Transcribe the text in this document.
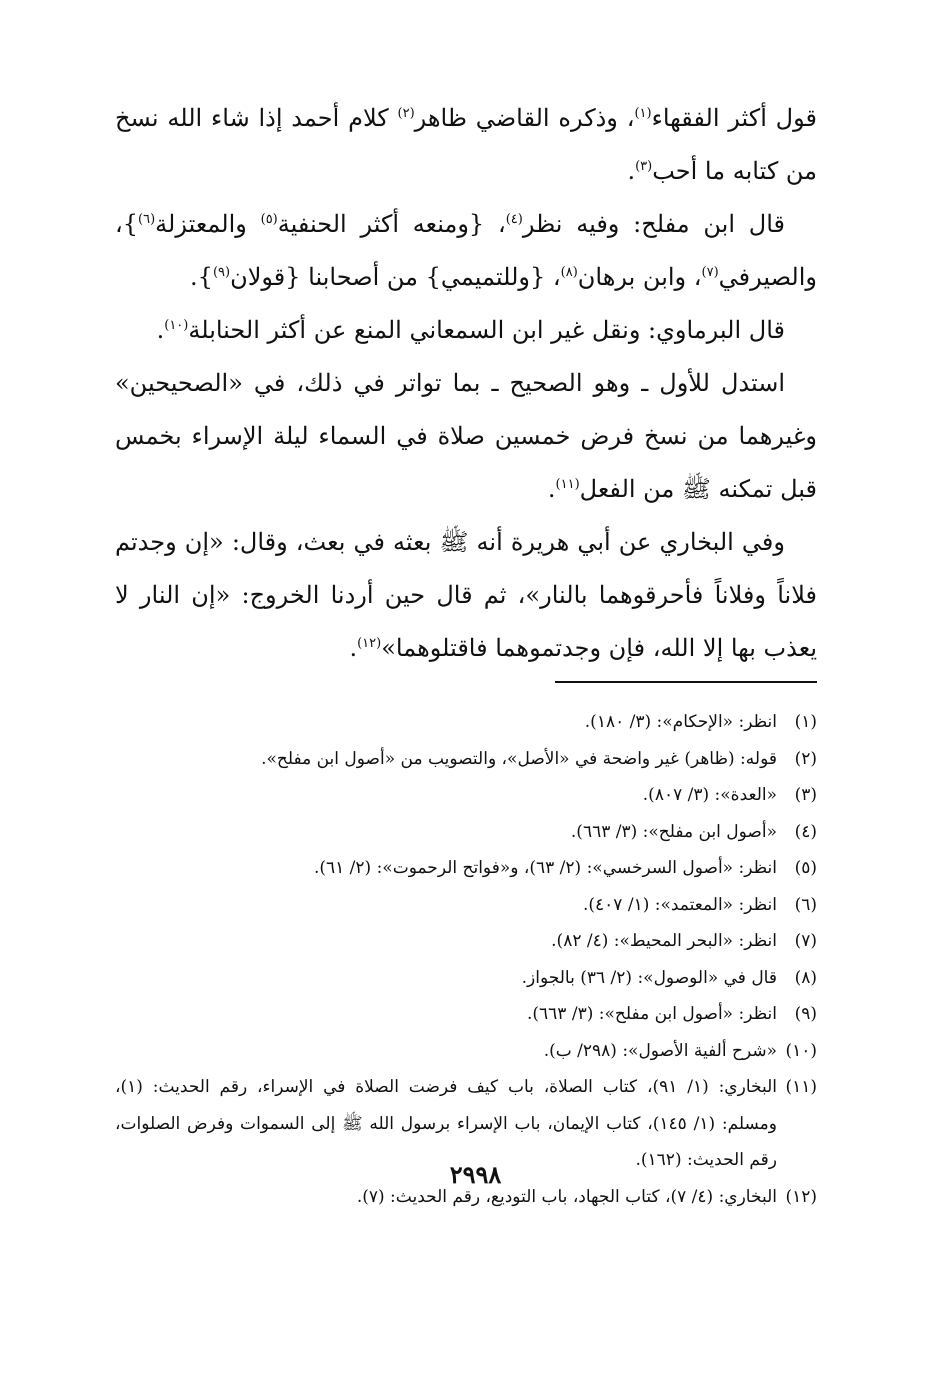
قول أكثر الفقهاء$^{(١)}$، وذكره القاضي ظاهر$^{(٢)}$ كلام أحمد إذا شاء الله نسخ من كتابه ما أحب$^{(٣)}$.

قال ابن مفلح: وفيه نظر$^{(٤)}$، {ومنعه أكثر الحنفية$^{(٥)}$ والمعتزلة$^{(٦)}$}، والصيرفي$^{(٧)}$، وابن برهان$^{(٨)}$، {وللتميمي} من أصحابنا {قولان$^{(٩)}$}.

قال البرماوي: ونقل غير ابن السمعاني المنع عن أكثر الحنابلة$^{(١٠)}$.

استدل للأول ـ وهو الصحيح ـ بما تواتر في ذلك، في «الصحيحين» وغيرهما من نسخ فرض خمسين صلاة في السماء ليلة الإسراء بخمس قبل تمكنه ﷺ من الفعل$^{(١١)}$.

وفي البخاري عن أبي هريرة أنه ﷺ بعثه في بعث، وقال: «إن وجدتم فلاناً وفلاناً فأحرقوهما بالنار»، ثم قال حين أردنا الخروج: «إن النار لا يعذب بها إلا الله، فإن وجدتموهما فاقتلوهما»$^{(١٢)}$.

(١)
انظر: «الإحكام»: (٣/ ١٨٠).
(٢)
قوله: (ظاهر) غير واضحة في «الأصل»، والتصويب من «أصول ابن مفلح».
(٣)
«العدة»: (٣/ ٨٠٧).
(٤)
«أصول ابن مفلح»: (٣/ ٦٦٣).
(٥)
انظر: «أصول السرخسي»: (٢/ ٦٣)، و«فواتح الرحموت»: (٢/ ٦١).
(٦)
انظر: «المعتمد»: (١/ ٤٠٧).
(٧)
انظر: «البحر المحيط»: (٤/ ٨٢).
(٨)
قال في «الوصول»: (٢/ ٣٦) بالجواز.
(٩)
انظر: «أصول ابن مفلح»: (٣/ ٦٦٣).
(١٠)
«شرح ألفية الأصول»: (٢٩٨/ ب).
(١١)
البخاري: (١/ ٩١)، كتاب الصلاة، باب كيف فرضت الصلاة في الإسراء، رقم الحديث: (١)، ومسلم: (١/ ١٤٥)، كتاب الإيمان، باب الإسراء برسول الله ﷺ إلى السموات وفرض الصلوات، رقم الحديث: (١٦٢).
(١٢)
البخاري: (٤/ ٧)، كتاب الجهاد، باب التوديع، رقم الحديث: (٧).
٢٩٩٨
